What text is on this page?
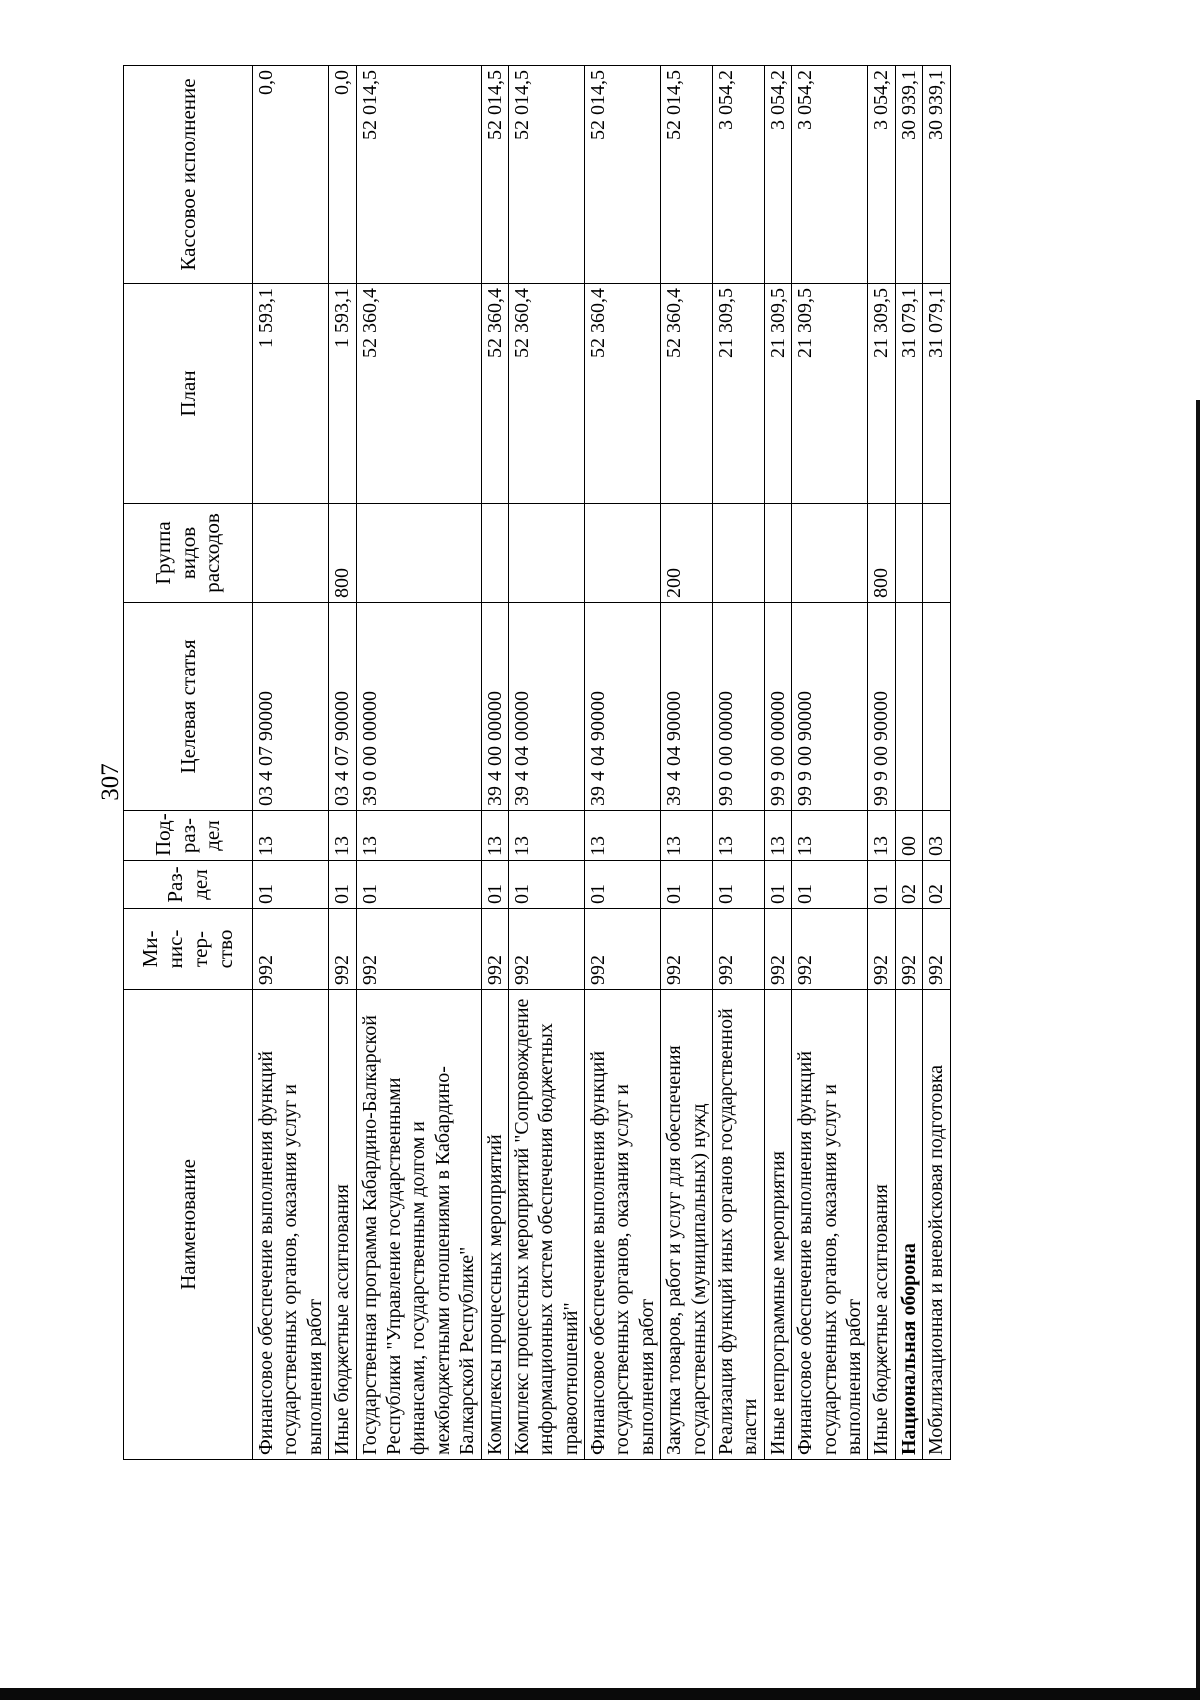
307
Наименование	Ми-нис-тер-ство	Раз-дел	Под-раз-дел	Целевая статья	Группа видов расходов	План	Кассовое исполнение
Финансовое обеспечение выполнения функций государственных органов, оказания услуг и выполнения работ	992	01	13	03 4 07 90000		1 593,1	0,0
Иные бюджетные ассигнования	992	01	13	03 4 07 90000	800	1 593,1	0,0
Государственная программа Кабардино-Балкарской Республики "Управление государственными финансами, государственным долгом и межбюджетными отношениями в Кабардино-Балкарской Республике"	992	01	13	39 0 00 00000		52 360,4	52 014,5
Комплексы процессных мероприятий	992	01	13	39 4 00 00000		52 360,4	52 014,5
Комплекс процессных мероприятий "Сопровождение информационных систем обеспечения бюджетных правоотношений"	992	01	13	39 4 04 00000		52 360,4	52 014,5
Финансовое обеспечение выполнения функций государственных органов, оказания услуг и выполнения работ	992	01	13	39 4 04 90000		52 360,4	52 014,5
Закупка товаров, работ и услуг для обеспечения государственных (муниципальных) нужд	992	01	13	39 4 04 90000	200	52 360,4	52 014,5
Реализация функций иных органов государственной власти	992	01	13	99 0 00 00000		21 309,5	3 054,2
Иные непрограммные мероприятия	992	01	13	99 9 00 00000		21 309,5	3 054,2
Финансовое обеспечение выполнения функций государственных органов, оказания услуг и выполнения работ	992	01	13	99 9 00 90000		21 309,5	3 054,2
Иные бюджетные ассигнования	992	01	13	99 9 00 90000	800	21 309,5	3 054,2
Национальная оборона	992	02	00			31 079,1	30 939,1
Мобилизационная и вневойсковая подготовка	992	02	03			31 079,1	30 939,1
